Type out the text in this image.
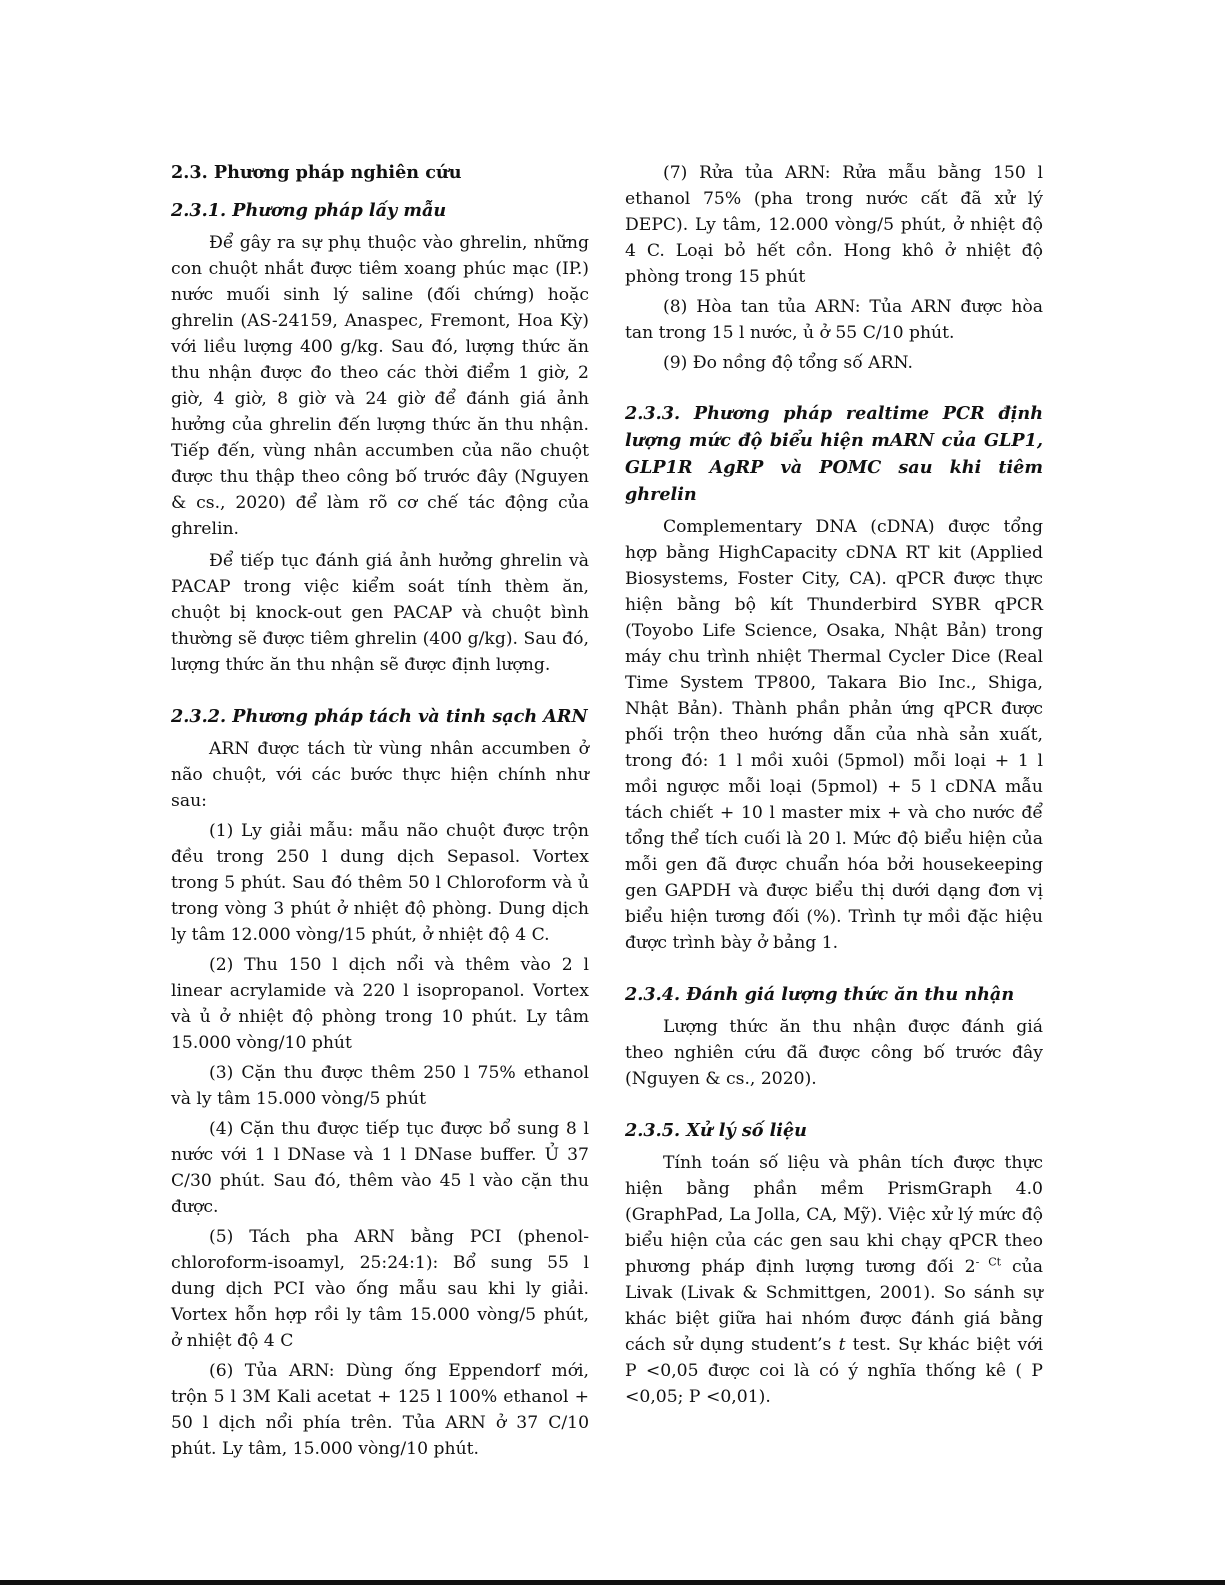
2.3. Phương pháp nghiên cứu
2.3.1. Phương pháp lấy mẫu

Để gây ra sự phụ thuộc vào ghrelin, những con chuột nhắt được tiêm xoang phúc mạc (IP.) nước muối sinh lý saline (đối chứng) hoặc ghrelin (AS-24159, Anaspec, Fremont, Hoa Kỳ) với liều lượng 400 g/kg. Sau đó, lượng thức ăn thu nhận được đo theo các thời điểm 1 giờ, 2 giờ, 4 giờ, 8 giờ và 24 giờ để đánh giá ảnh hưởng của ghrelin đến lượng thức ăn thu nhận. Tiếp đến, vùng nhân accumben của não chuột được thu thập theo công bố trước đây (Nguyen & cs., 2020) để làm rõ cơ chế tác động của ghrelin.

Để tiếp tục đánh giá ảnh hưởng ghrelin và PACAP trong việc kiểm soát tính thèm ăn, chuột bị knock-out gen PACAP và chuột bình thường sẽ được tiêm ghrelin (400 g/kg). Sau đó, lượng thức ăn thu nhận sẽ được định lượng.

2.3.2. Phương pháp tách và tinh sạch ARN

ARN được tách từ vùng nhân accumben ở não chuột, với các bước thực hiện chính như sau:

(1) Ly giải mẫu: mẫu não chuột được trộn đều trong 250 l dung dịch Sepasol. Vortex trong 5 phút. Sau đó thêm 50 l Chloroform và ủ trong vòng 3 phút ở nhiệt độ phòng. Dung dịch ly tâm 12.000 vòng/15 phút, ở nhiệt độ 4 C.

(2) Thu 150 l dịch nổi và thêm vào 2 l linear acrylamide và 220 l isopropanol. Vortex và ủ ở nhiệt độ phòng trong 10 phút. Ly tâm 15.000 vòng/10 phút

(3) Cặn thu được thêm 250 l 75% ethanol và ly tâm 15.000 vòng/5 phút

(4) Cặn thu được tiếp tục được bổ sung 8 l nước với 1 l DNase và 1 l DNase buffer. Ủ 37 C/30 phút. Sau đó, thêm vào 45 l vào cặn thu được.

(5) Tách pha ARN bằng PCI (phenol-chloroform-isoamyl, 25:24:1): Bổ sung 55 l dung dịch PCI vào ống mẫu sau khi ly giải. Vortex hỗn hợp rồi ly tâm 15.000 vòng/5 phút, ở nhiệt độ 4 C

(6) Tủa ARN: Dùng ống Eppendorf mới, trộn 5 l 3M Kali acetat + 125 l 100% ethanol + 50 l dịch nổi phía trên. Tủa ARN ở 37 C/10 phút. Ly tâm, 15.000 vòng/10 phút.

(7) Rửa tủa ARN: Rửa mẫu bằng 150 l ethanol 75% (pha trong nước cất đã xử lý DEPC). Ly tâm, 12.000 vòng/5 phút, ở nhiệt độ 4 C. Loại bỏ hết cồn. Hong khô ở nhiệt độ phòng trong 15 phút

(8) Hòa tan tủa ARN: Tủa ARN được hòa tan trong 15 l nước, ủ ở 55 C/10 phút.

(9) Đo nồng độ tổng số ARN.

2.3.3. Phương pháp realtime PCR định lượng mức độ biểu hiện mARN của GLP1, GLP1R AgRP và POMC sau khi tiêm ghrelin

Complementary DNA (cDNA) được tổng hợp bằng HighCapacity cDNA RT kit (Applied Biosystems, Foster City, CA). qPCR được thực hiện bằng bộ kít Thunderbird SYBR qPCR (Toyobo Life Science, Osaka, Nhật Bản) trong máy chu trình nhiệt Thermal Cycler Dice (Real Time System TP800, Takara Bio Inc., Shiga, Nhật Bản). Thành phần phản ứng qPCR được phối trộn theo hướng dẫn của nhà sản xuất, trong đó: 1 l mồi xuôi (5pmol) mỗi loại + 1 l mồi ngược mỗi loại (5pmol) + 5 l cDNA mẫu tách chiết + 10 l master mix + và cho nước để tổng thể tích cuối là 20 l. Mức độ biểu hiện của mỗi gen đã được chuẩn hóa bởi housekeeping gen GAPDH và được biểu thị dưới dạng đơn vị biểu hiện tương đối (%). Trình tự mồi đặc hiệu được trình bày ở bảng 1.

2.3.4. Đánh giá lượng thức ăn thu nhận

Lượng thức ăn thu nhận được đánh giá theo nghiên cứu đã được công bố trước đây (Nguyen & cs., 2020).

2.3.5. Xử lý số liệu

Tính toán số liệu và phân tích được thực hiện bằng phần mềm PrismGraph 4.0 (GraphPad, La Jolla, CA, Mỹ). Việc xử lý mức độ biểu hiện của các gen sau khi chạy qPCR theo phương pháp định lượng tương đối $2^{- Ct}$ của Livak (Livak & Schmittgen, 2001). So sánh sự khác biệt giữa hai nhóm được đánh giá bằng cách sử dụng student’s t test. Sự khác biệt với P <0,05 được coi là có ý nghĩa thống kê ( P <0,05; P <0,01).
